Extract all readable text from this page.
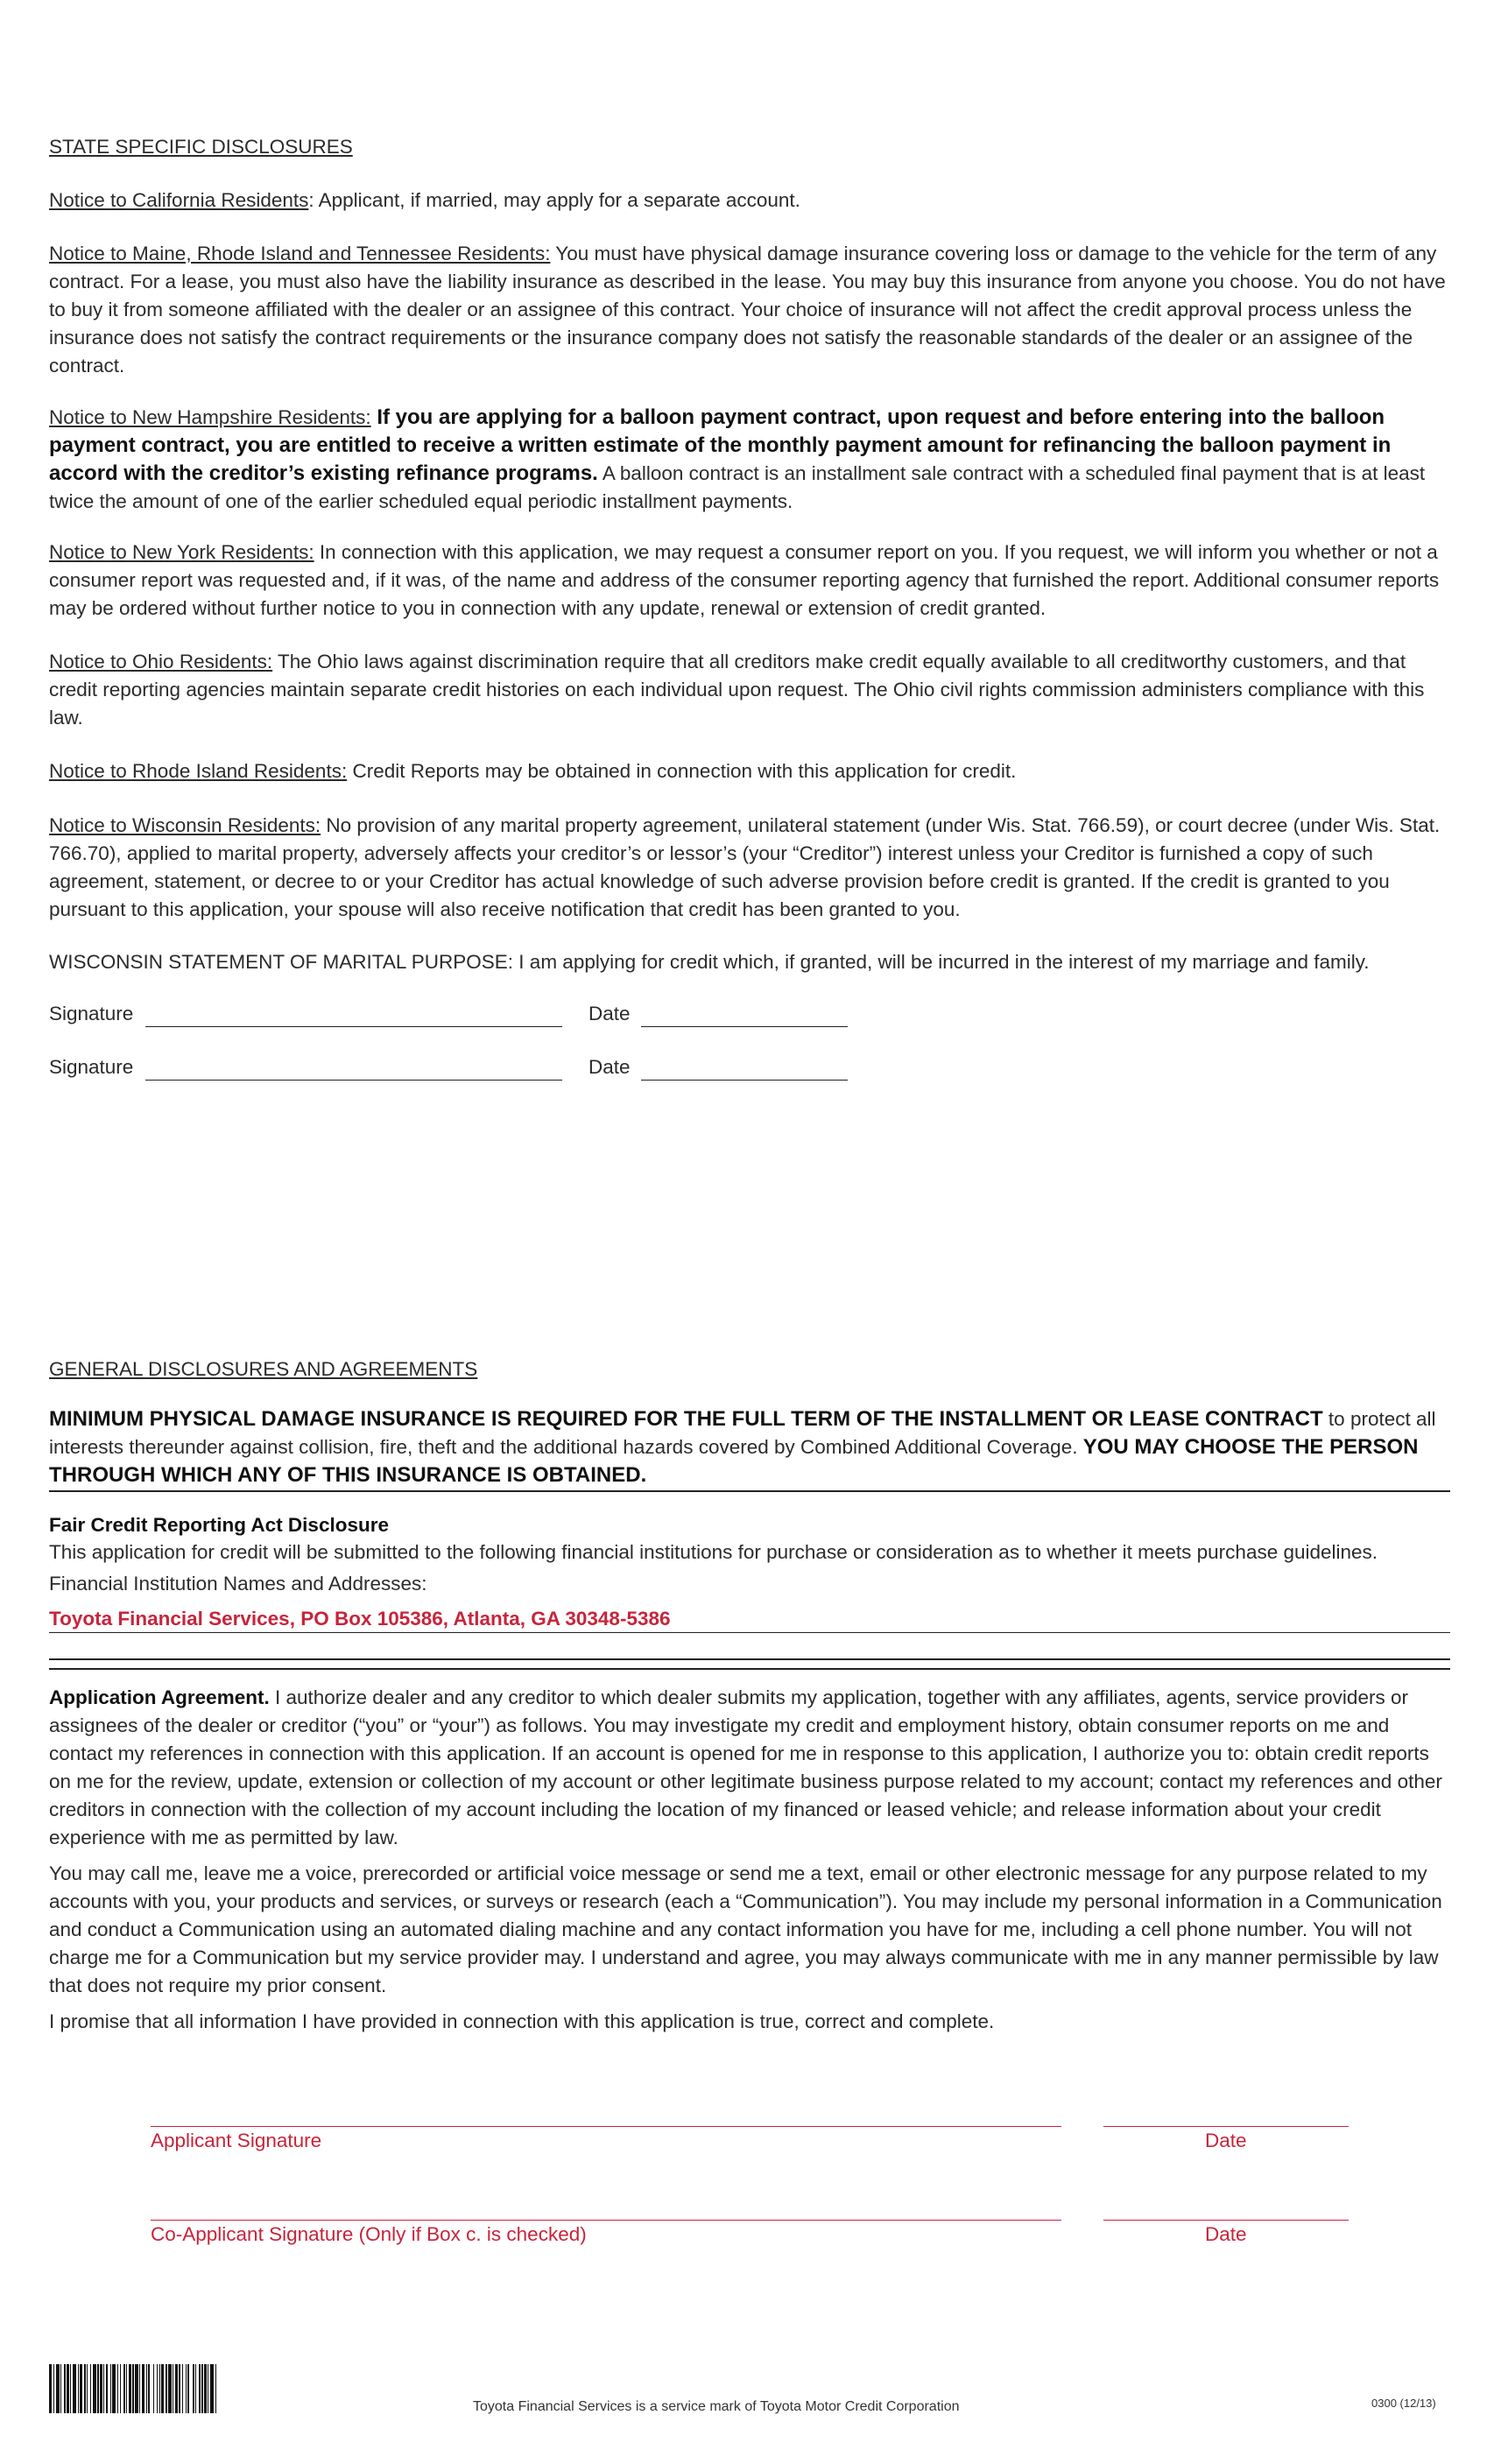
STATE SPECIFIC DISCLOSURES
Notice to California Residents: Applicant, if married, may apply for a separate account.
Notice to Maine, Rhode Island and Tennessee Residents: You must have physical damage insurance covering loss or damage to the vehicle for the term of any contract. For a lease, you must also have the liability insurance as described in the lease. You may buy this insurance from anyone you choose. You do not have to buy it from someone affiliated with the dealer or an assignee of this contract. Your choice of insurance will not affect the credit approval process unless the insurance does not satisfy the contract requirements or the insurance company does not satisfy the reasonable standards of the dealer or an assignee of the contract.
Notice to New Hampshire Residents: If you are applying for a balloon payment contract, upon request and before entering into the balloon payment contract, you are entitled to receive a written estimate of the monthly payment amount for refinancing the balloon payment in accord with the creditor’s existing refinance programs. A balloon contract is an installment sale contract with a scheduled final payment that is at least twice the amount of one of the earlier scheduled equal periodic installment payments.
Notice to New York Residents: In connection with this application, we may request a consumer report on you. If you request, we will inform you whether or not a consumer report was requested and, if it was, of the name and address of the consumer reporting agency that furnished the report. Additional consumer reports may be ordered without further notice to you in connection with any update, renewal or extension of credit granted.
Notice to Ohio Residents: The Ohio laws against discrimination require that all creditors make credit equally available to all creditworthy customers, and that credit reporting agencies maintain separate credit histories on each individual upon request. The Ohio civil rights commission administers compliance with this law.
Notice to Rhode Island Residents: Credit Reports may be obtained in connection with this application for credit.
Notice to Wisconsin Residents: No provision of any marital property agreement, unilateral statement (under Wis. Stat. 766.59), or court decree (under Wis. Stat. 766.70), applied to marital property, adversely affects your creditor’s or lessor’s (your “Creditor”) interest unless your Creditor is furnished a copy of such agreement, statement, or decree to or your Creditor has actual knowledge of such adverse provision before credit is granted. If the credit is granted to you pursuant to this application, your spouse will also receive notification that credit has been granted to you.
WISCONSIN STATEMENT OF MARITAL PURPOSE: I am applying for credit which, if granted, will be incurred in the interest of my marriage and family.
Signature	Date
Signature	Date
GENERAL DISCLOSURES AND AGREEMENTS
MINIMUM PHYSICAL DAMAGE INSURANCE IS REQUIRED FOR THE FULL TERM OF THE INSTALLMENT OR LEASE CONTRACT to protect all interests thereunder against collision, fire, theft and the additional hazards covered by Combined Additional Coverage. YOU MAY CHOOSE THE PERSON THROUGH WHICH ANY OF THIS INSURANCE IS OBTAINED.
Fair Credit Reporting Act Disclosure
This application for credit will be submitted to the following financial institutions for purchase or consideration as to whether it meets purchase guidelines.
Financial Institution Names and Addresses:
Toyota Financial Services, PO Box 105386, Atlanta, GA 30348-5386
Application Agreement. I authorize dealer and any creditor to which dealer submits my application, together with any affiliates, agents, service providers or assignees of the dealer or creditor (“you” or “your”) as follows. You may investigate my credit and employment history, obtain consumer reports on me and contact my references in connection with this application. If an account is opened for me in response to this application, I authorize you to: obtain credit reports on me for the review, update, extension or collection of my account or other legitimate business purpose related to my account; contact my references and other creditors in connection with the collection of my account including the location of my financed or leased vehicle; and release information about your credit experience with me as permitted by law.
You may call me, leave me a voice, prerecorded or artificial voice message or send me a text, email or other electronic message for any purpose related to my accounts with you, your products and services, or surveys or research (each a “Communication”). You may include my personal information in a Communication and conduct a Communication using an automated dialing machine and any contact information you have for me, including a cell phone number. You will not charge me for a Communication but my service provider may. I understand and agree, you may always communicate with me in any manner permissible by law that does not require my prior consent.
I promise that all information I have provided in connection with this application is true, correct and complete.
Applicant Signature	Date
Co-Applicant Signature (Only if Box c. is checked)	Date
Toyota Financial Services is a service mark of Toyota Motor Credit Corporation	0300 (12/13)
